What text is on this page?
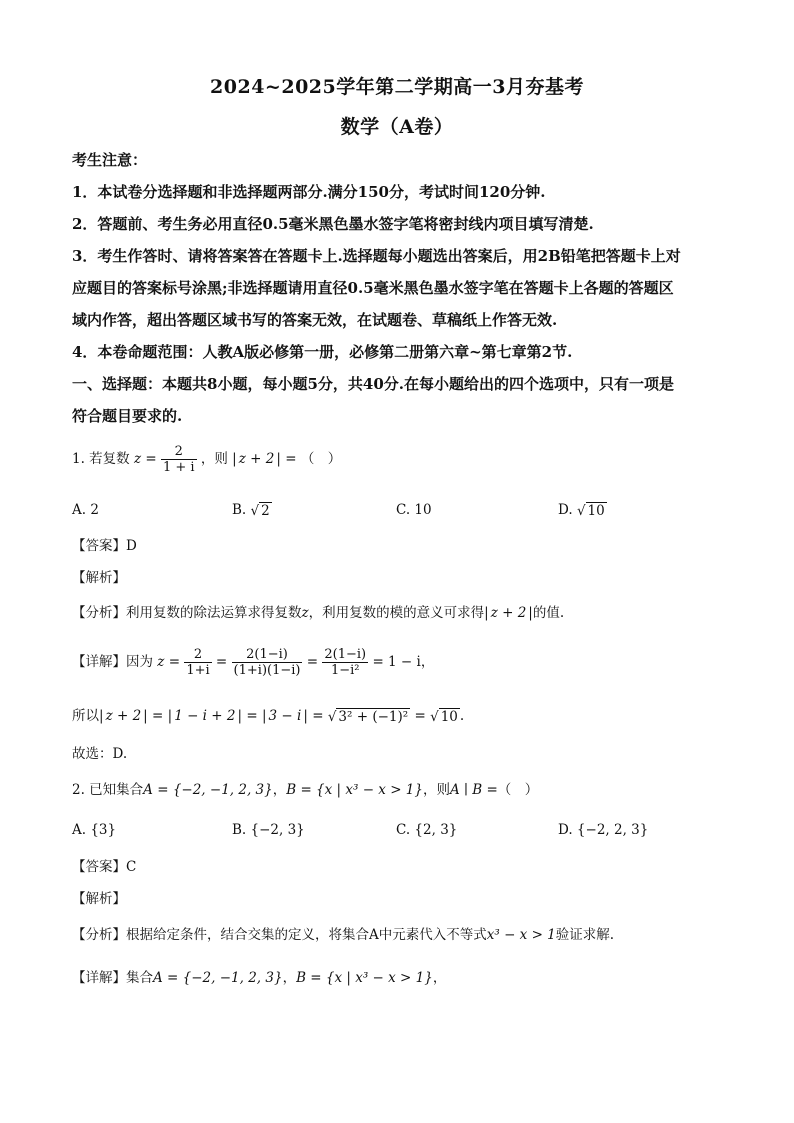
2024~2025学年第二学期高一3月夯基考
数学（A卷）
考生注意：
1．本试卷分选择题和非选择题两部分.满分150分，考试时间120分钟.
2．答题前、考生务必用直径0.5毫米黑色墨水签字笔将密封线内项目填写清楚.
3．考生作答时、请将答案答在答题卡上.选择题每小题选出答案后，用2B铅笔把答题卡上对
应题目的答案标号涂黑;非选择题请用直径0.5毫米黑色墨水签字笔在答题卡上各题的答题区
域内作答，超出答题区域书写的答案无效，在试题卷、草稿纸上作答无效.
4．本卷命题范围：人教A版必修第一册，必修第二册第六章~第七章第2节.
一、选择题：本题共8小题，每小题5分，共40分.在每小题给出的四个选项中，只有一项是
符合题目要求的.
1. 若复数 $z = \frac{2}{1 + i}$ ，则 | z + 2 | = （　）
A. 2	B. √ 2	C. 10	D. √ 10
【答案】D
【解析】
【分析】利用复数的除法运算求得复数z，利用复数的模的意义可求得| z + 2 |的值.
【详解】因为 $z = \frac{2}{1+i} = \frac{2(1-i)}{(1+i)(1-i)} = \frac{2(1-i)}{\text{1−i²}} = 1 - i$，
所以| z + 2 | = | 1 − i + 2 | = | 3 − i | = √ 3² + (−1)² = √ 10 .
故选：D.
2. 已知集合A = {−2, −1, 2, 3}，B = {x | x³ − x > 1}，则A ∣ B =（　）
A. {3}	B. {−2, 3}	C. {2, 3}	D. {−2, 2, 3}
【答案】C
【解析】
【分析】根据给定条件，结合交集的定义，将集合A中元素代入不等式x³ − x > 1验证求解.
【详解】集合A = {−2, −1, 2, 3}，B = {x | x³ − x > 1}，
